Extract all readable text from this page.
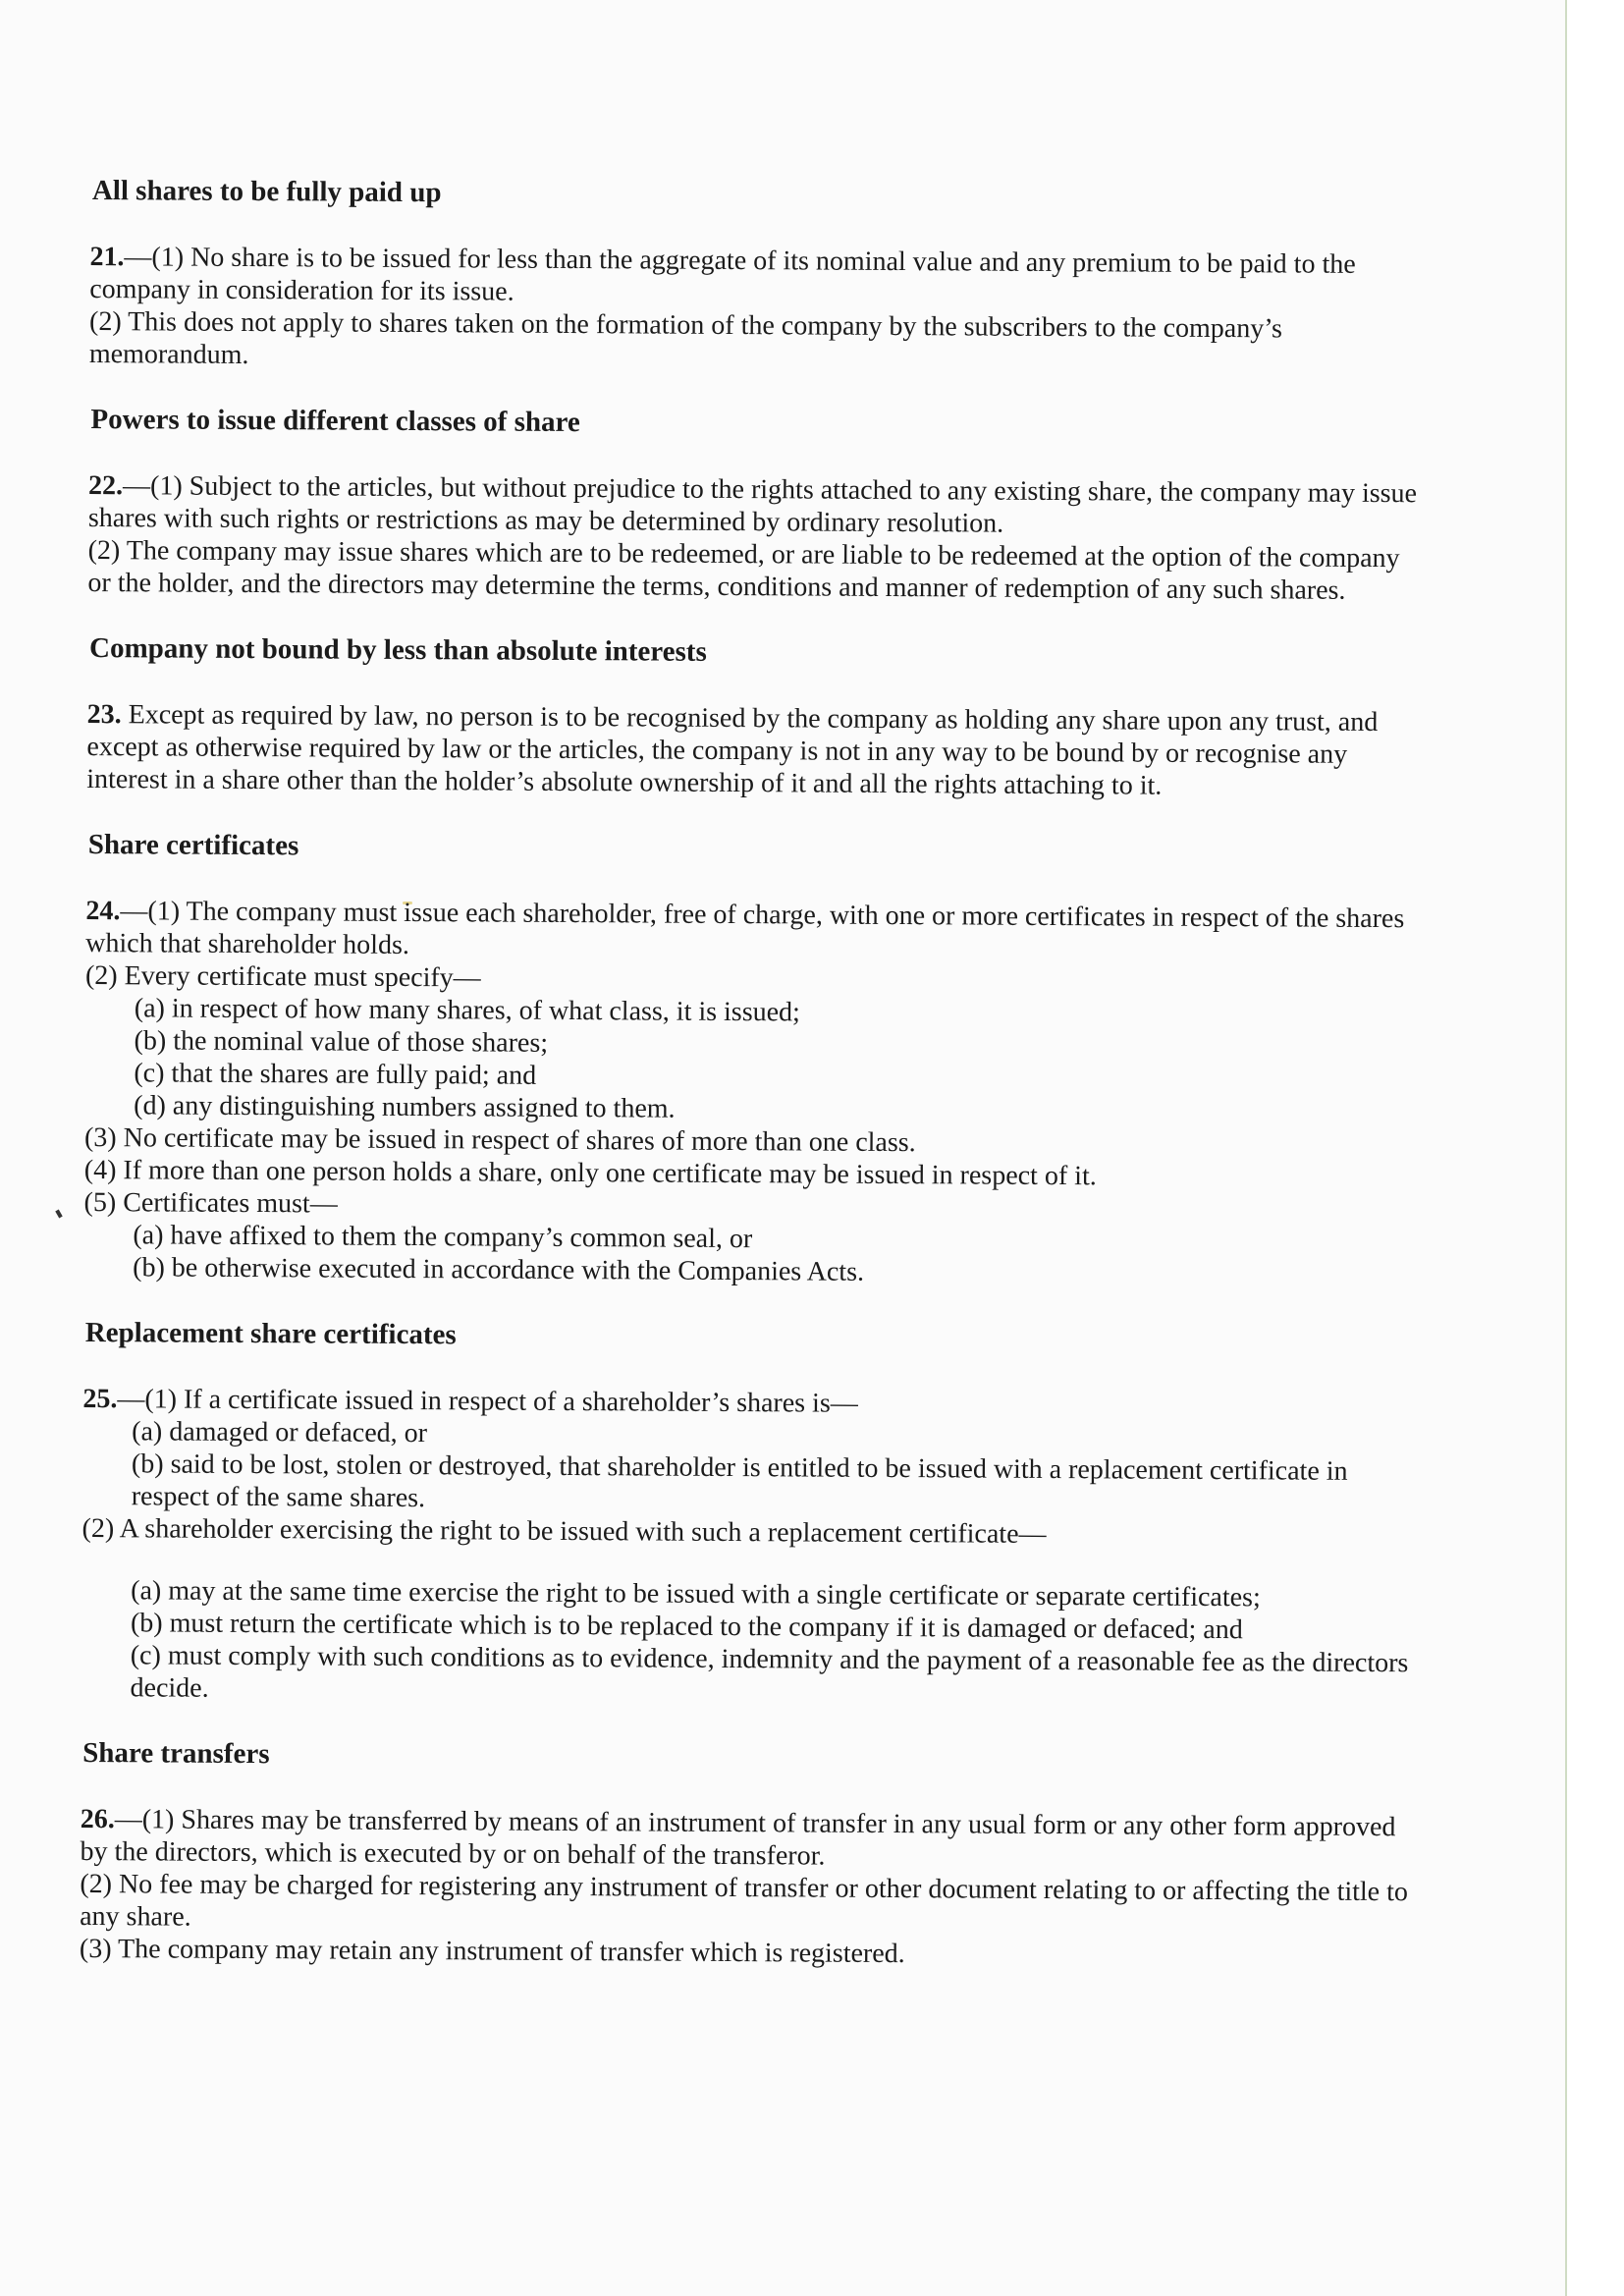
All shares to be fully paid up

21.—(1) No share is to be issued for less than the aggregate of its nominal value and any premium to be paid to the company in consideration for its issue.

(2) This does not apply to shares taken on the formation of the company by the subscribers to the company’s memorandum.

Powers to issue different classes of share

22.—(1) Subject to the articles, but without prejudice to the rights attached to any existing share, the company may issue shares with such rights or restrictions as may be determined by ordinary resolution.

(2) The company may issue shares which are to be redeemed, or are liable to be redeemed at the option of the company or the holder, and the directors may determine the terms, conditions and manner of redemption of any such shares.

Company not bound by less than absolute interests

23. Except as required by law, no person is to be recognised by the company as holding any share upon any trust, and except as otherwise required by law or the articles, the company is not in any way to be bound by or recognise any interest in a share other than the holder’s absolute ownership of it and all the rights attaching to it.

Share certificates

24.—(1) The company must issue each shareholder, free of charge, with one or more certificates in respect of the shares which that shareholder holds.

(2) Every certificate must specify—

(a) in respect of how many shares, of what class, it is issued;

(b) the nominal value of those shares;

(c) that the shares are fully paid; and

(d) any distinguishing numbers assigned to them.

(3) No certificate may be issued in respect of shares of more than one class.

(4) If more than one person holds a share, only one certificate may be issued in respect of it.

(5) Certificates must—

(a) have affixed to them the company’s common seal, or

(b) be otherwise executed in accordance with the Companies Acts.

Replacement share certificates

25.—(1) If a certificate issued in respect of a shareholder’s shares is—

(a) damaged or defaced, or

(b) said to be lost, stolen or destroyed, that shareholder is entitled to be issued with a replacement certificate in respect of the same shares.

(2) A shareholder exercising the right to be issued with such a replacement certificate—

(a) may at the same time exercise the right to be issued with a single certificate or separate certificates;

(b) must return the certificate which is to be replaced to the company if it is damaged or defaced; and

(c) must comply with such conditions as to evidence, indemnity and the payment of a reasonable fee as the directors decide.

Share transfers

26.—(1) Shares may be transferred by means of an instrument of transfer in any usual form or any other form approved by the directors, which is executed by or on behalf of the transferor.

(2) No fee may be charged for registering any instrument of transfer or other document relating to or affecting the title to any share.

(3) The company may retain any instrument of transfer which is registered.
